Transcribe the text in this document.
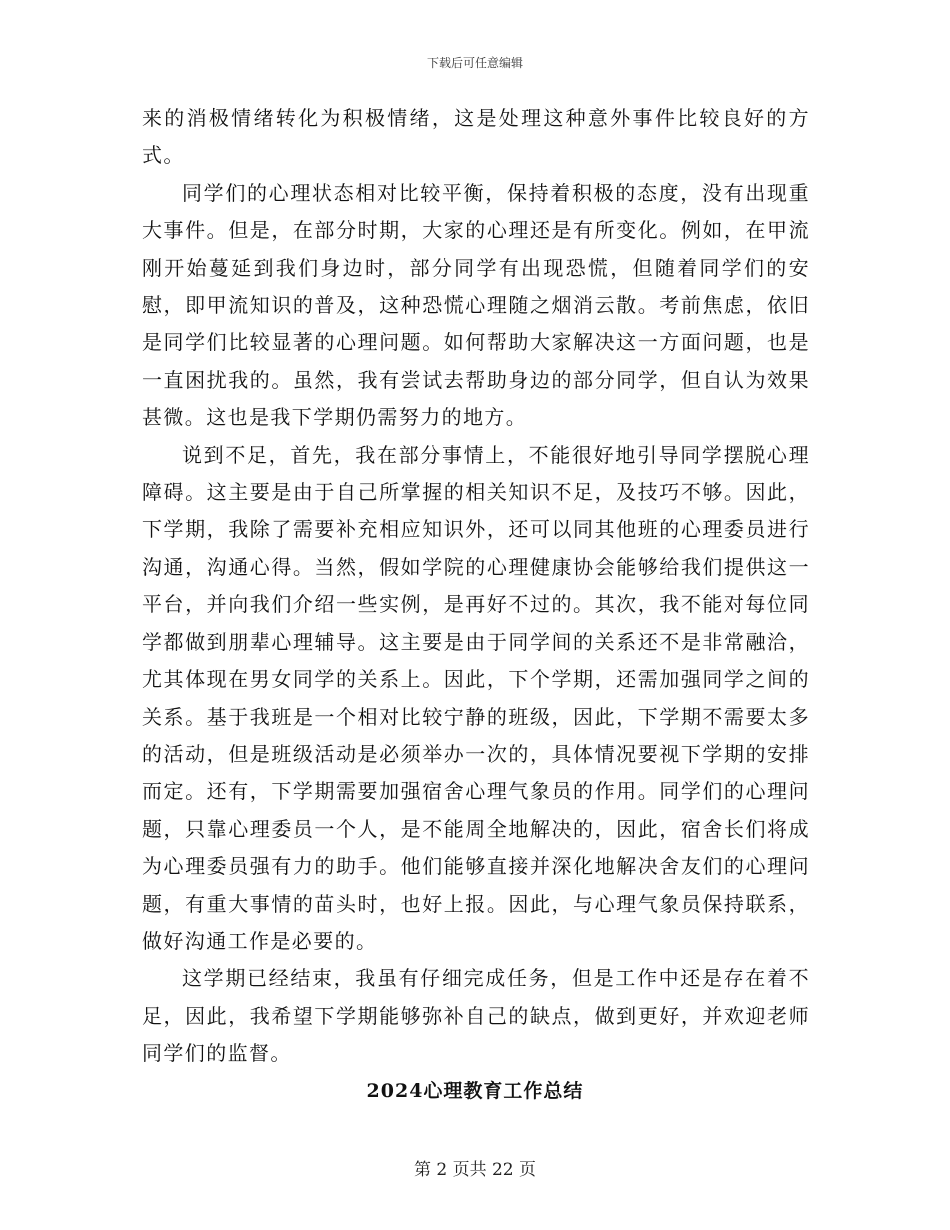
下载后可任意编辑

来的消极情绪转化为积极情绪，这是处理这种意外事件比较良好的方式。

同学们的心理状态相对比较平衡，保持着积极的态度，没有出现重大事件。但是，在部分时期，大家的心理还是有所变化。例如，在甲流刚开始蔓延到我们身边时，部分同学有出现恐慌，但随着同学们的安慰，即甲流知识的普及，这种恐慌心理随之烟消云散。考前焦虑，依旧是同学们比较显著的心理问题。如何帮助大家解决这一方面问题，也是一直困扰我的。虽然，我有尝试去帮助身边的部分同学，但自认为效果甚微。这也是我下学期仍需努力的地方。

说到不足，首先，我在部分事情上，不能很好地引导同学摆脱心理障碍。这主要是由于自己所掌握的相关知识不足，及技巧不够。因此，下学期，我除了需要补充相应知识外，还可以同其他班的心理委员进行沟通，沟通心得。当然，假如学院的心理健康协会能够给我们提供这一平台，并向我们介绍一些实例，是再好不过的。其次，我不能对每位同学都做到朋辈心理辅导。这主要是由于同学间的关系还不是非常融洽，尤其体现在男女同学的关系上。因此，下个学期，还需加强同学之间的关系。基于我班是一个相对比较宁静的班级，因此，下学期不需要太多的活动，但是班级活动是必须举办一次的，具体情况要视下学期的安排而定。还有，下学期需要加强宿舍心理气象员的作用。同学们的心理问题，只靠心理委员一个人，是不能周全地解决的，因此，宿舍长们将成为心理委员强有力的助手。他们能够直接并深化地解决舍友们的心理问题，有重大事情的苗头时，也好上报。因此，与心理气象员保持联系，做好沟通工作是必要的。

这学期已经结束，我虽有仔细完成任务，但是工作中还是存在着不足，因此，我希望下学期能够弥补自己的缺点，做到更好，并欢迎老师同学们的监督。

2024心理教育工作总结
第 2 页共 22 页
